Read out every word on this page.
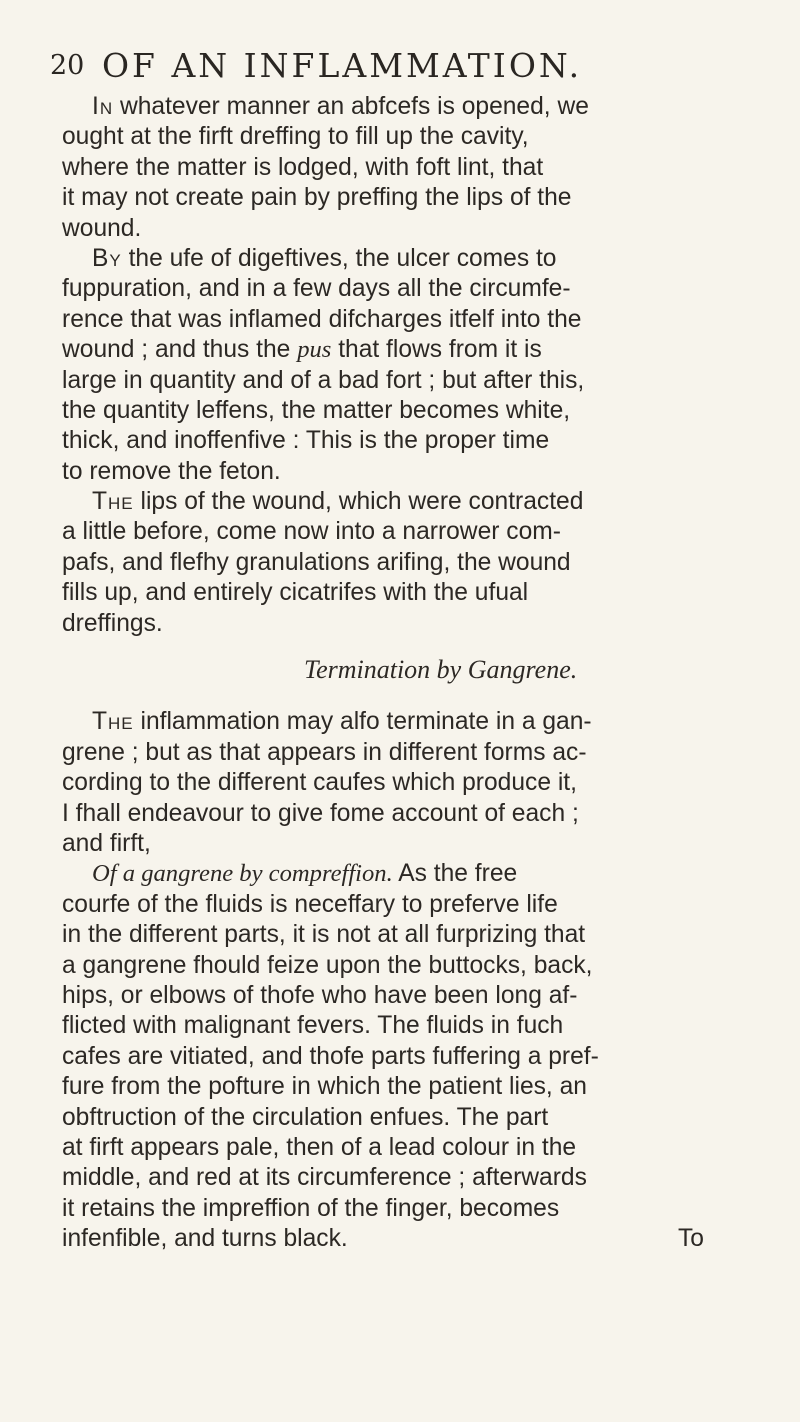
20 OF AN INFLAMMATION.
In whatever manner an abfcefs is opened, we
ought at the firft dreffing to fill up the cavity,
where the matter is lodged, with foft lint, that
it may not create pain by preffing the lips of the
wound.
By the ufe of digeftives, the ulcer comes to
fuppuration, and in a few days all the circumfe-
rence that was inflamed difcharges itfelf into the
wound ; and thus the pus that flows from it is
large in quantity and of a bad fort ; but after this,
the quantity leffens, the matter becomes white,
thick, and inoffenfive : This is the proper time
to remove the feton.
The lips of the wound, which were contracted
a little before, come now into a narrower com-
pafs, and flefhy granulations arifing, the wound
fills up, and entirely cicatrifes with the ufual
dreffings.
Termination by Gangrene.
The inflammation may alfo terminate in a gan-
grene ; but as that appears in different forms ac-
cording to the different caufes which produce it,
I fhall endeavour to give fome account of each ;
and firft,
Of a gangrene by compreffion. As the free
courfe of the fluids is neceffary to preferve life
in the different parts, it is not at all furprizing that
a gangrene fhould feize upon the buttocks, back,
hips, or elbows of thofe who have been long af-
flicted with malignant fevers. The fluids in fuch
cafes are vitiated, and thofe parts fuffering a pref-
fure from the pofture in which the patient lies, an
obftruction of the circulation enfues. The part
at firft appears pale, then of a lead colour in the
middle, and red at its circumference ; afterwards
it retains the impreffion of the finger, becomes
infenfible, and turns black.	To
